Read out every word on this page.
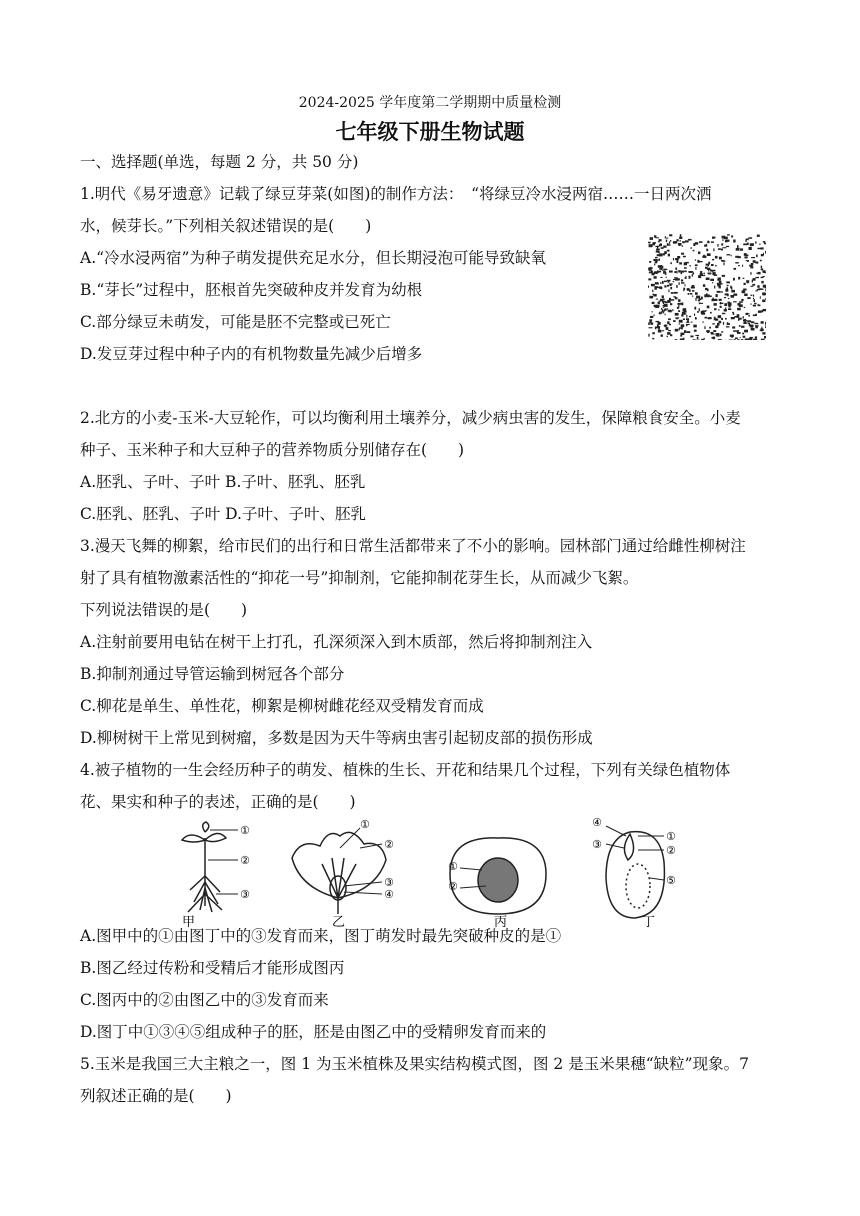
2024-2025 学年度第二学期期中质量检测
七年级下册生物试题
一、选择题(单选，每题 2 分，共 50 分)
1.明代《易牙遗意》记载了绿豆芽菜(如图)的制作方法：　“将绿豆冷水浸两宿……一日两次洒
水，候芽长。”下列相关叙述错误的是(　　)
A.“冷水浸两宿”为种子萌发提供充足水分，但长期浸泡可能导致缺氧
B.“芽长”过程中，胚根首先突破种皮并发育为幼根
C.部分绿豆未萌发，可能是胚不完整或已死亡
D.发豆芽过程中种子内的有机物数量先减少后增多
2.北方的小麦-玉米-大豆轮作，可以均衡利用土壤养分，减少病虫害的发生，保障粮食安全。小麦
种子、玉米种子和大豆种子的营养物质分别储存在(　　)
A.胚乳、子叶、子叶 B.子叶、胚乳、胚乳
C.胚乳、胚乳、子叶 D.子叶、子叶、胚乳
3.漫天飞舞的柳絮，给市民们的出行和日常生活都带来了不小的影响。园林部门通过给雌性柳树注
射了具有植物激素活性的“抑花一号”抑制剂，它能抑制花芽生长，从而减少飞絮。
下列说法错误的是(　　)
A.注射前要用电钻在树干上打孔，孔深须深入到木质部，然后将抑制剂注入
B.抑制剂通过导管运输到树冠各个部分
C.柳花是单生、单性花，柳絮是柳树雌花经双受精发育而成
D.柳树树干上常见到树瘤，多数是因为天牛等病虫害引起韧皮部的损伤形成
4.被子植物的一生会经历种子的萌发、植株的生长、开花和结果几个过程，下列有关绿色植物体
花、果实和种子的表述，正确的是(　　)
①
②
③
①
②
③
④
①
②
④
③
①
②
⑤
甲	乙	丙	丁
A.图甲中的①由图丁中的③发育而来，图丁萌发时最先突破种皮的是①
B.图乙经过传粉和受精后才能形成图丙
C.图丙中的②由图乙中的③发育而来
D.图丁中①③④⑤组成种子的胚，胚是由图乙中的受精卵发育而来的
5.玉米是我国三大主粮之一，图 1 为玉米植株及果实结构模式图，图 2 是玉米果穗“缺粒”现象。7
列叙述正确的是(　　)
